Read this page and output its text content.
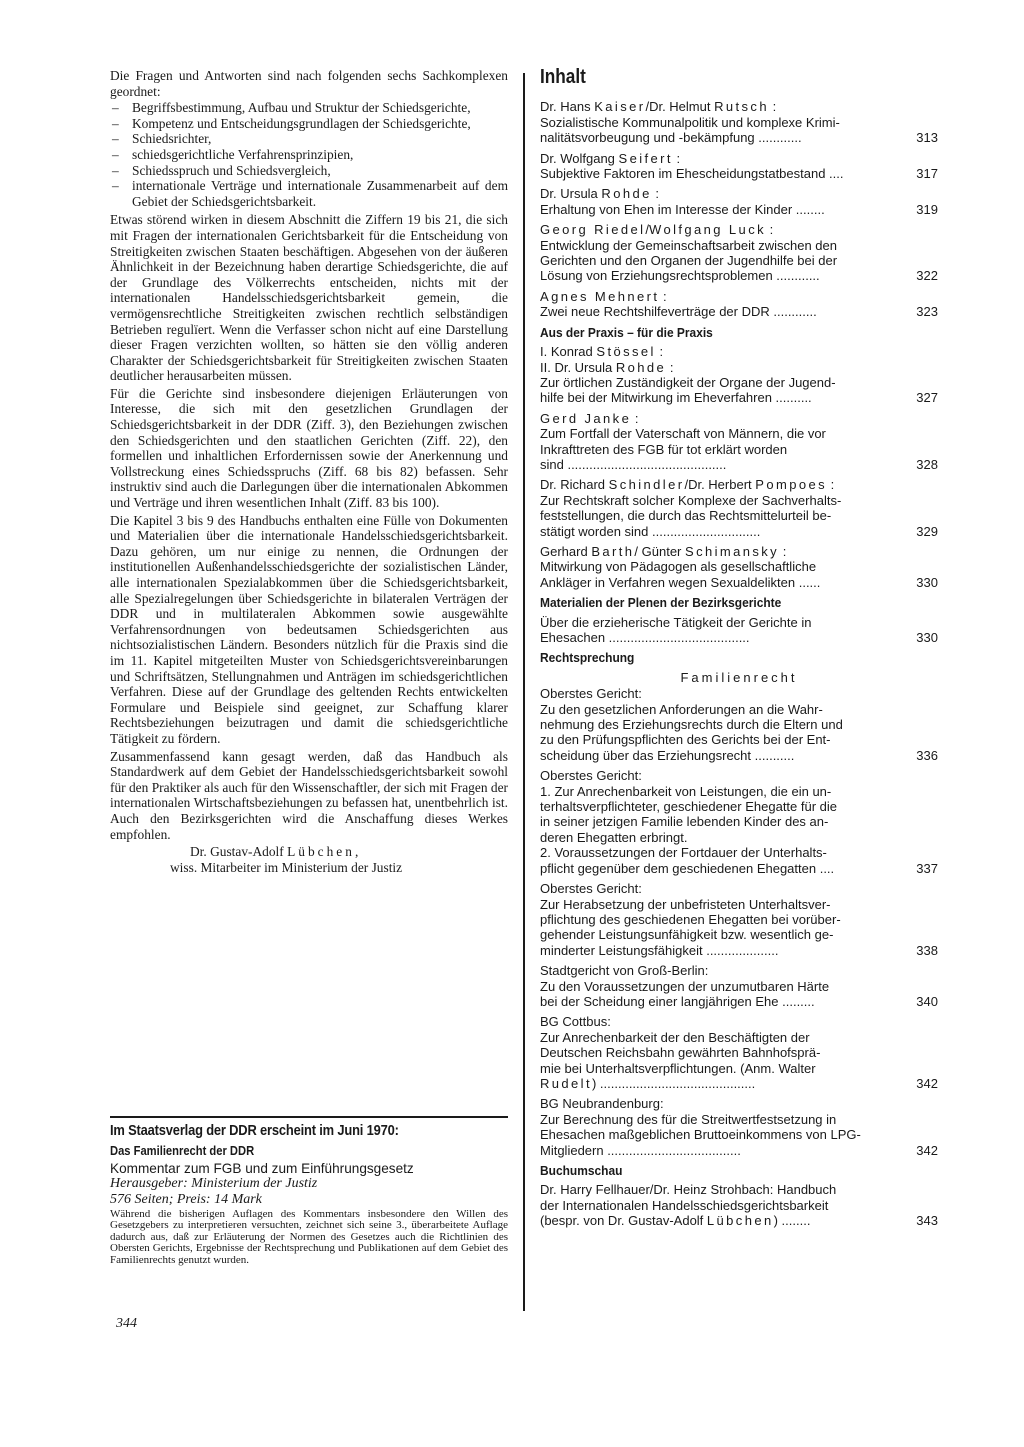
Die Fragen und Antworten sind nach folgenden sechs Sachkomplexen geordnet:

– Begriffsbestimmung, Aufbau und Struktur der Schiedsgerichte,
– Kompetenz und Entscheidungsgrundlagen der Schiedsgerichte,
– Schiedsrichter,
– schiedsgerichtliche Verfahrensprinzipien,
– Schiedsspruch und Schiedsvergleich,
– internationale Verträge und internationale Zusammenarbeit auf dem Gebiet der Schiedsgerichtsbarkeit.

Etwas störend wirken in diesem Abschnitt die Ziffern 19 bis 21, die sich mit Fragen der internationalen Gerichtsbarkeit für die Entscheidung von Streitigkeiten zwischen Staaten beschäftigen. Abgesehen von der äußeren Ähnlichkeit in der Bezeichnung haben derartige Schiedsgerichte, die auf der Grundlage des Völkerrechts entscheiden, nichts mit der internationalen Handelsschiedsgerichtsbarkeit gemein, die vermögensrechtliche Streitigkeiten zwischen rechtlich selbständigen Betrieben regulïert. Wenn die Verfasser schon nicht auf eine Darstellung dieser Fragen verzichten wollten, so hätten sie den völlig anderen Charakter der Schiedsgerichtsbarkeit für Streitigkeiten zwischen Staaten deutlicher herausarbeiten müssen.

Für die Gerichte sind insbesondere diejenigen Erläuterungen von Interesse, die sich mit den gesetzlichen Grundlagen der Schiedsgerichtsbarkeit in der DDR (Ziff. 3), den Beziehungen zwischen den Schiedsgerichten und den staatlichen Gerichten (Ziff. 22), den formellen und inhaltlichen Erfordernissen sowie der Anerkennung und Vollstreckung eines Schiedsspruchs (Ziff. 68 bis 82) befassen. Sehr instruktiv sind auch die Darlegungen über die internationalen Abkommen und Verträge und ihren wesentlichen Inhalt (Ziff. 83 bis 100).

Die Kapitel 3 bis 9 des Handbuchs enthalten eine Fülle von Dokumenten und Materialien über die internationale Handelsschiedsgerichtsbarkeit. Dazu gehören, um nur einige zu nennen, die Ordnungen der institutionellen Außenhandelsschiedsgerichte der sozialistischen Länder, alle internationalen Spezialabkommen über die Schiedsgerichtsbarkeit, alle Spezialregelungen über Schiedsgerichte in bilateralen Verträgen der DDR und in multilateralen Abkommen sowie ausgewählte Verfahrensordnungen von bedeutsamen Schiedsgerichten aus nichtsozialistischen Ländern. Besonders nützlich für die Praxis sind die im 11. Kapitel mitgeteilten Muster von Schiedsgerichtsvereinbarungen und Schriftsätzen, Stellungnahmen und Anträgen im schiedsgerichtlichen Verfahren. Diese auf der Grundlage des geltenden Rechts entwickelten Formulare und Beispiele sind geeignet, zur Schaffung klarer Rechtsbeziehungen beizutragen und damit die schiedsgerichtliche Tätigkeit zu fördern.

Zusammenfassend kann gesagt werden, daß das Handbuch als Standardwerk auf dem Gebiet der Handelsschiedsgerichtsbarkeit sowohl für den Praktiker als auch für den Wissenschaftler, der sich mit Fragen der internationalen Wirtschaftsbeziehungen zu befassen hat, unentbehrlich ist. Auch den Bezirksgerichten wird die Anschaffung dieses Werkes empfohlen.

Dr. Gustav-Adolf Lübchen,
wiss. Mitarbeiter im Ministerium der Justiz
Im Staatsverlag der DDR erscheint im Juni 1970:
Das Familienrecht der DDR
Kommentar zum FGB und zum Einführungsgesetz
Herausgeber: Ministerium der Justiz
576 Seiten; Preis: 14 Mark
Während die bisherigen Auflagen des Kommentars insbesondere den Willen des Gesetzgebers zu interpretieren versuchten, zeichnet sich seine 3., überarbeitete Auflage dadurch aus, daß zur Erläuterung der Normen des Gesetzes auch die Richtlinien des Obersten Gerichts, Ergebnisse der Rechtsprechung und Publikationen auf dem Gebiet des Familienrechts genutzt wurden.
344
Inhalt
Dr. Hans Kaiser/Dr. Helmut Rutsch :
Sozialistische Kommunalpolitik und komplexe Krimi-
nalitätsvorbeugung und -bekämpfung ............	313
Dr. Wolfgang Seifert :
Subjektive Faktoren im Ehescheidungstatbestand ....	317
Dr. Ursula Rohde :
Erhaltung von Ehen im Interesse der Kinder ........	319
Georg Riedel/Wolfgang Luck :
Entwicklung der Gemeinschaftsarbeit zwischen den
Gerichten und den Organen der Jugendhilfe bei der
Lösung von Erziehungsrechtsproblemen ............	322
Agnes Mehnert :
Zwei neue Rechtshilfeverträge der DDR ............	323
Aus der Praxis – für die Praxis
I. Konrad Stössel :
II. Dr. Ursula Rohde :
Zur örtlichen Zuständigkeit der Organe der Jugend-
hilfe bei der Mitwirkung im Eheverfahren ..........	327
Gerd Janke :
Zum Fortfall der Vaterschaft von Männern, die vor
Inkrafttreten des FGB für tot erklärt worden
sind ............................................	328
Dr. Richard Schindler/Dr. Herbert Pompoes :
Zur Rechtskraft solcher Komplexe der Sachverhalts-
feststellungen, die durch das Rechtsmittelurteil be-
stätigt worden sind ..............................	329
Gerhard Barth/ Günter Schimansky :
Mitwirkung von Pädagogen als gesellschaftliche
Ankläger in Verfahren wegen Sexualdelikten ......	330
Materialien der Plenen der Bezirksgerichte
Über die erzieherische Tätigkeit der Gerichte in
Ehesachen .......................................	330
Rechtsprechung
Familienrecht
Oberstes Gericht:
Zu den gesetzlichen Anforderungen an die Wahr-
nehmung des Erziehungsrechts durch die Eltern und
zu den Prüfungspflichten des Gerichts bei der Ent-
scheidung über das Erziehungsrecht ...........	336
Oberstes Gericht:
1. Zur Anrechenbarkeit von Leistungen, die ein un-
terhaltsverpflichteter, geschiedener Ehegatte für die
in seiner jetzigen Familie lebenden Kinder des an-
deren Ehegatten erbringt.
2. Voraussetzungen der Fortdauer der Unterhalts-
pflicht gegenüber dem geschiedenen Ehegatten ....	337
Oberstes Gericht:
Zur Herabsetzung der unbefristeten Unterhaltsver-
pflichtung des geschiedenen Ehegatten bei vorüber-
gehender Leistungsunfähigkeit bzw. wesentlich ge-
minderter Leistungsfähigkeit ....................	338
Stadtgericht von Groß-Berlin:
Zu den Voraussetzungen der unzumutbaren Härte
bei der Scheidung einer langjährigen Ehe .........	340
BG Cottbus:
Zur Anrechenbarkeit der den Beschäftigten der
Deutschen Reichsbahn gewährten Bahnhofsprä-
mie bei Unterhaltsverpflichtungen. (Anm. Walter
Rudelt) ...........................................	342
BG Neubrandenburg:
Zur Berechnung des für die Streitwertfestsetzung in
Ehesachen maßgeblichen Bruttoeinkommens von LPG-
Mitgliedern .....................................	342
Buchumschau
Dr. Harry Fellhauer/Dr. Heinz Strohbach: Handbuch
der Internationalen Handelsschiedsgerichtsbarkeit
(bespr. von Dr. Gustav-Adolf Lübchen) ........	343
